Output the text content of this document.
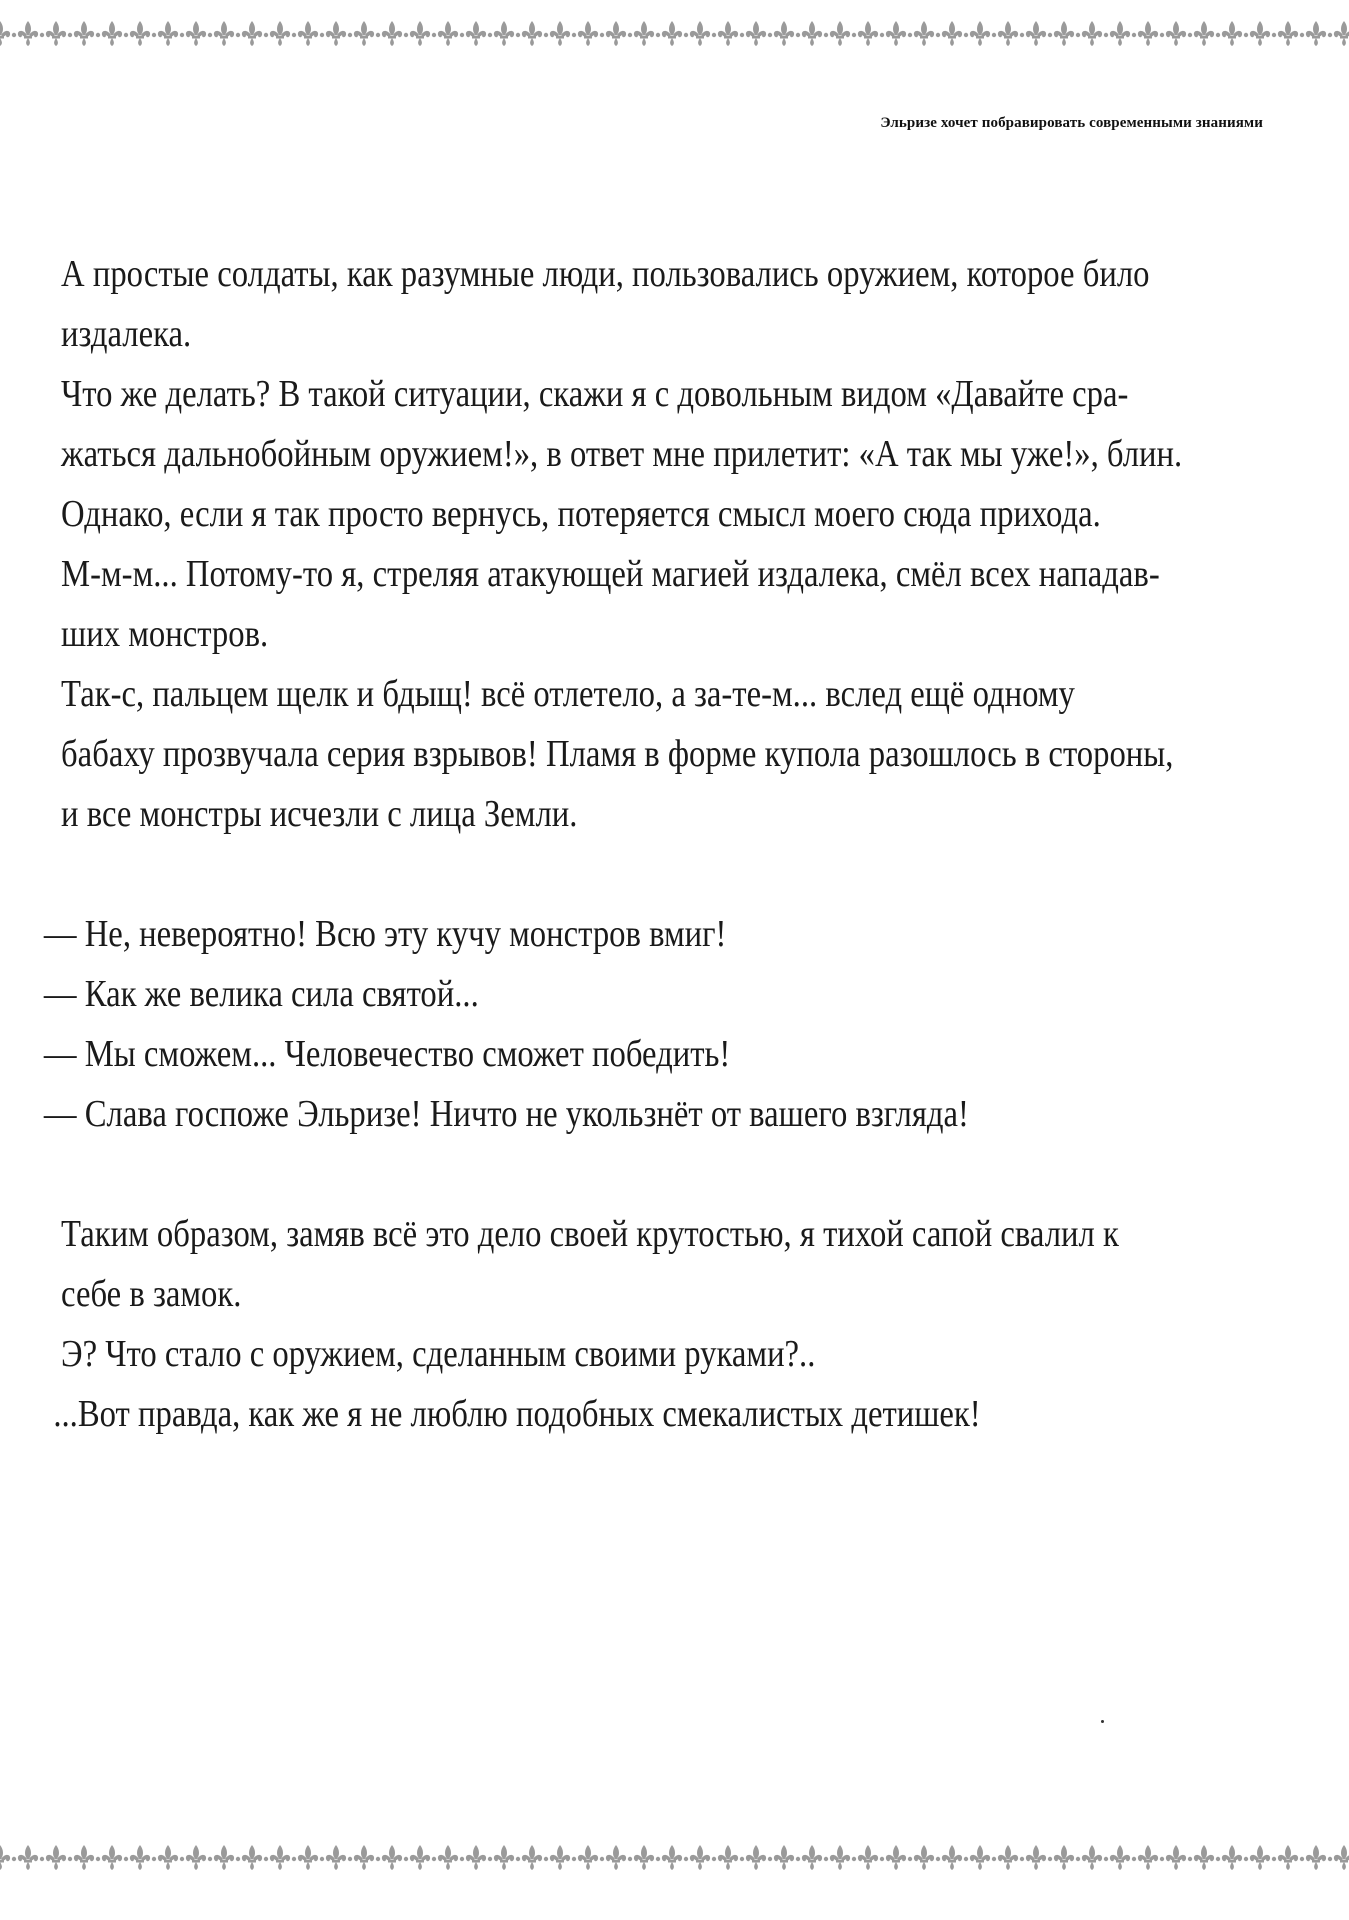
Эльризе хочет побравировать современными знаниями
А простые солдаты, как разумные люди, пользовались оружием, которое било
издалека.
Что же делать? В такой ситуации, скажи я с довольным видом «Давайте сра-
жаться дальнобойным оружием!», в ответ мне прилетит: «А так мы уже!», блин.
Однако, если я так просто вернусь, потеряется смысл моего сюда прихода.
М-м-м... Потому-то я, стреляя атакующей магией издалека, смёл всех нападав-
ших монстров.
Так-с, пальцем щелк и бдыщ! всё отлетело, а за-те-м... вслед ещё одному
бабаху прозвучала серия взрывов! Пламя в форме купола разошлось в стороны,
и все монстры исчезли с лица Земли.
— Не, невероятно! Всю эту кучу монстров вмиг!
— Как же велика сила святой...
— Мы сможем... Человечество сможет победить!
— Слава госпоже Эльризе! Ничто не укользнёт от вашего взгляда!
Таким образом, замяв всё это дело своей крутостью, я тихой сапой свалил к
себе в замок.
Э? Что стало с оружием, сделанным своими руками?..
...Вот правда, как же я не люблю подобных смекалистых детишек!
